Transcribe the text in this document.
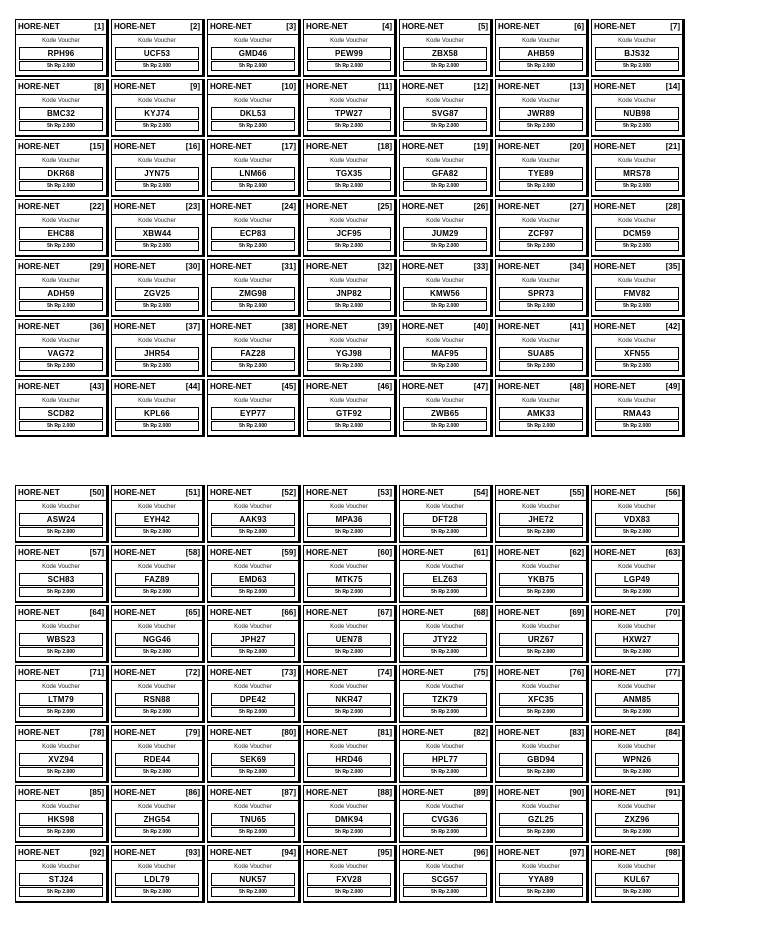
HORE-NET	[1]
Kode Voucher
RPH96
5h Rp 2.000
HORE-NET	[2]
Kode Voucher
UCF53
5h Rp 2.000
HORE-NET	[3]
Kode Voucher
GMD46
5h Rp 2.000
HORE-NET	[4]
Kode Voucher
PEW99
5h Rp 2.000
HORE-NET	[5]
Kode Voucher
ZBX58
5h Rp 2.000
HORE-NET	[6]
Kode Voucher
AHB59
5h Rp 2.000
HORE-NET	[7]
Kode Voucher
BJS32
5h Rp 2.000
HORE-NET	[8]
Kode Voucher
BMC32
5h Rp 2.000
HORE-NET	[9]
Kode Voucher
KYJ74
5h Rp 2.000
HORE-NET	[10]
Kode Voucher
DKL53
5h Rp 2.000
HORE-NET	[11]
Kode Voucher
TPW27
5h Rp 2.000
HORE-NET	[12]
Kode Voucher
SVG87
5h Rp 2.000
HORE-NET	[13]
Kode Voucher
JWR89
5h Rp 2.000
HORE-NET	[14]
Kode Voucher
NUB98
5h Rp 2.000
HORE-NET	[15]
Kode Voucher
DKR68
5h Rp 2.000
HORE-NET	[16]
Kode Voucher
JYN75
5h Rp 2.000
HORE-NET	[17]
Kode Voucher
LNM66
5h Rp 2.000
HORE-NET	[18]
Kode Voucher
TGX35
5h Rp 2.000
HORE-NET	[19]
Kode Voucher
GFA82
5h Rp 2.000
HORE-NET	[20]
Kode Voucher
TYE89
5h Rp 2.000
HORE-NET	[21]
Kode Voucher
MRS78
5h Rp 2.000
HORE-NET	[22]
Kode Voucher
EHC88
5h Rp 2.000
HORE-NET	[23]
Kode Voucher
XBW44
5h Rp 2.000
HORE-NET	[24]
Kode Voucher
ECP83
5h Rp 2.000
HORE-NET	[25]
Kode Voucher
JCF95
5h Rp 2.000
HORE-NET	[26]
Kode Voucher
JUM29
5h Rp 2.000
HORE-NET	[27]
Kode Voucher
ZCF97
5h Rp 2.000
HORE-NET	[28]
Kode Voucher
DCM59
5h Rp 2.000
HORE-NET	[29]
Kode Voucher
ADH59
5h Rp 2.000
HORE-NET	[30]
Kode Voucher
ZGV25
5h Rp 2.000
HORE-NET	[31]
Kode Voucher
ZMG98
5h Rp 2.000
HORE-NET	[32]
Kode Voucher
JNP82
5h Rp 2.000
HORE-NET	[33]
Kode Voucher
KMW56
5h Rp 2.000
HORE-NET	[34]
Kode Voucher
SPR73
5h Rp 2.000
HORE-NET	[35]
Kode Voucher
FMV82
5h Rp 2.000
HORE-NET	[36]
Kode Voucher
VAG72
5h Rp 2.000
HORE-NET	[37]
Kode Voucher
JHR54
5h Rp 2.000
HORE-NET	[38]
Kode Voucher
FAZ28
5h Rp 2.000
HORE-NET	[39]
Kode Voucher
YGJ98
5h Rp 2.000
HORE-NET	[40]
Kode Voucher
MAF95
5h Rp 2.000
HORE-NET	[41]
Kode Voucher
SUA85
5h Rp 2.000
HORE-NET	[42]
Kode Voucher
XFN55
5h Rp 2.000
HORE-NET	[43]
Kode Voucher
SCD82
5h Rp 2.000
HORE-NET	[44]
Kode Voucher
KPL66
5h Rp 2.000
HORE-NET	[45]
Kode Voucher
EYP77
5h Rp 2.000
HORE-NET	[46]
Kode Voucher
GTF92
5h Rp 2.000
HORE-NET	[47]
Kode Voucher
ZWB65
5h Rp 2.000
HORE-NET	[48]
Kode Voucher
AMK33
5h Rp 2.000
HORE-NET	[49]
Kode Voucher
RMA43
5h Rp 2.000
HORE-NET	[50]
Kode Voucher
ASW24
5h Rp 2.000
HORE-NET	[51]
Kode Voucher
EYH42
5h Rp 2.000
HORE-NET	[52]
Kode Voucher
AAK93
5h Rp 2.000
HORE-NET	[53]
Kode Voucher
MPA36
5h Rp 2.000
HORE-NET	[54]
Kode Voucher
DFT28
5h Rp 2.000
HORE-NET	[55]
Kode Voucher
JHE72
5h Rp 2.000
HORE-NET	[56]
Kode Voucher
VDX83
5h Rp 2.000
HORE-NET	[57]
Kode Voucher
SCH83
5h Rp 2.000
HORE-NET	[58]
Kode Voucher
FAZ89
5h Rp 2.000
HORE-NET	[59]
Kode Voucher
EMD63
5h Rp 2.000
HORE-NET	[60]
Kode Voucher
MTK75
5h Rp 2.000
HORE-NET	[61]
Kode Voucher
ELZ63
5h Rp 2.000
HORE-NET	[62]
Kode Voucher
YKB75
5h Rp 2.000
HORE-NET	[63]
Kode Voucher
LGP49
5h Rp 2.000
HORE-NET	[64]
Kode Voucher
WBS23
5h Rp 2.000
HORE-NET	[65]
Kode Voucher
NGG46
5h Rp 2.000
HORE-NET	[66]
Kode Voucher
JPH27
5h Rp 2.000
HORE-NET	[67]
Kode Voucher
UEN78
5h Rp 2.000
HORE-NET	[68]
Kode Voucher
JTY22
5h Rp 2.000
HORE-NET	[69]
Kode Voucher
URZ67
5h Rp 2.000
HORE-NET	[70]
Kode Voucher
HXW27
5h Rp 2.000
HORE-NET	[71]
Kode Voucher
LTM79
5h Rp 2.000
HORE-NET	[72]
Kode Voucher
RSN88
5h Rp 2.000
HORE-NET	[73]
Kode Voucher
DPE42
5h Rp 2.000
HORE-NET	[74]
Kode Voucher
NKR47
5h Rp 2.000
HORE-NET	[75]
Kode Voucher
TZK79
5h Rp 2.000
HORE-NET	[76]
Kode Voucher
XFC35
5h Rp 2.000
HORE-NET	[77]
Kode Voucher
ANM85
5h Rp 2.000
HORE-NET	[78]
Kode Voucher
XVZ94
5h Rp 2.000
HORE-NET	[79]
Kode Voucher
RDE44
5h Rp 2.000
HORE-NET	[80]
Kode Voucher
SEK69
5h Rp 2.000
HORE-NET	[81]
Kode Voucher
HRD46
5h Rp 2.000
HORE-NET	[82]
Kode Voucher
HPL77
5h Rp 2.000
HORE-NET	[83]
Kode Voucher
GBD94
5h Rp 2.000
HORE-NET	[84]
Kode Voucher
WPN26
5h Rp 2.000
HORE-NET	[85]
Kode Voucher
HKS98
5h Rp 2.000
HORE-NET	[86]
Kode Voucher
ZHG54
5h Rp 2.000
HORE-NET	[87]
Kode Voucher
TNU65
5h Rp 2.000
HORE-NET	[88]
Kode Voucher
DMK94
5h Rp 2.000
HORE-NET	[89]
Kode Voucher
CVG36
5h Rp 2.000
HORE-NET	[90]
Kode Voucher
GZL25
5h Rp 2.000
HORE-NET	[91]
Kode Voucher
ZXZ96
5h Rp 2.000
HORE-NET	[92]
Kode Voucher
STJ24
5h Rp 2.000
HORE-NET	[93]
Kode Voucher
LDL79
5h Rp 2.000
HORE-NET	[94]
Kode Voucher
NUK57
5h Rp 2.000
HORE-NET	[95]
Kode Voucher
FXV28
5h Rp 2.000
HORE-NET	[96]
Kode Voucher
SCG57
5h Rp 2.000
HORE-NET	[97]
Kode Voucher
YYA89
5h Rp 2.000
HORE-NET	[98]
Kode Voucher
KUL67
5h Rp 2.000
